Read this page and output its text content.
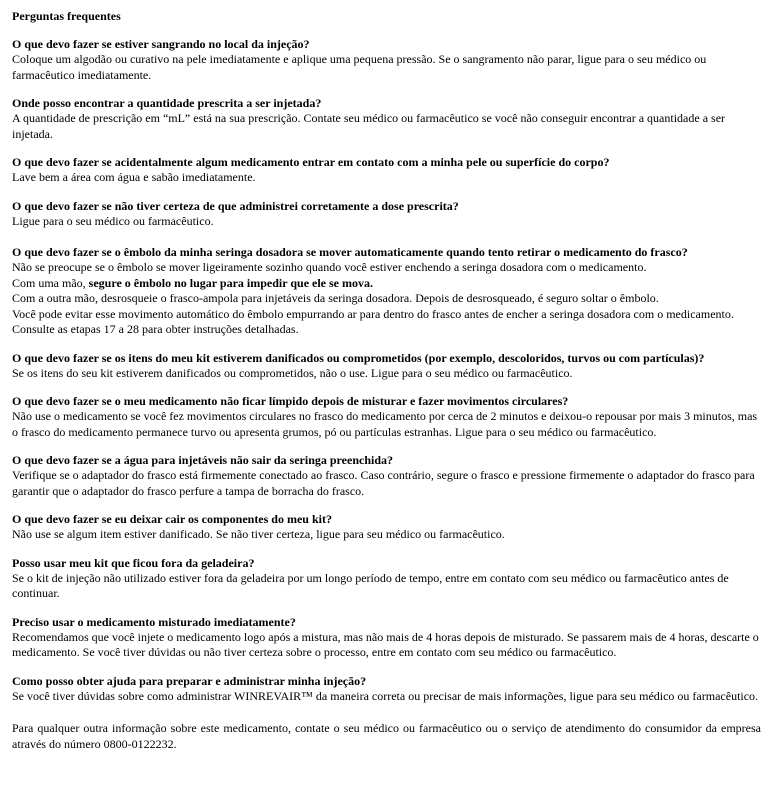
Perguntas frequentes

O que devo fazer se estiver sangrando no local da injeção?

Coloque um algodão ou curativo na pele imediatamente e aplique uma pequena pressão. Se o sangramento não parar, ligue para o seu médico ou farmacêutico imediatamente.

Onde posso encontrar a quantidade prescrita a ser injetada?

A quantidade de prescrição em “mL” está na sua prescrição. Contate seu médico ou farmacêutico se você não conseguir encontrar a quantidade a ser injetada.

O que devo fazer se acidentalmente algum medicamento entrar em contato com a minha pele ou superfície do corpo?

Lave bem a área com água e sabão imediatamente.

O que devo fazer se não tiver certeza de que administrei corretamente a dose prescrita?

Ligue para o seu médico ou farmacêutico.

O que devo fazer se o êmbolo da minha seringa dosadora se mover automaticamente quando tento retirar o medicamento do frasco?

Não se preocupe se o êmbolo se mover ligeiramente sozinho quando você estiver enchendo a seringa dosadora com o medicamento.

Com uma mão, segure o êmbolo no lugar para impedir que ele se mova.

Com a outra mão, desrosqueie o frasco-ampola para injetáveis da seringa dosadora. Depois de desrosqueado, é seguro soltar o êmbolo.

Você pode evitar esse movimento automático do êmbolo empurrando ar para dentro do frasco antes de encher a seringa dosadora com o medicamento. Consulte as etapas 17 a 28 para obter instruções detalhadas.

O que devo fazer se os itens do meu kit estiverem danificados ou comprometidos (por exemplo, descoloridos, turvos ou com partículas)?

Se os itens do seu kit estiverem danificados ou comprometidos, não o use. Ligue para o seu médico ou farmacêutico.

O que devo fazer se o meu medicamento não ficar límpido depois de misturar e fazer movimentos circulares?

Não use o medicamento se você fez movimentos circulares no frasco do medicamento por cerca de 2 minutos e deixou-o repousar por mais 3 minutos, mas o frasco do medicamento permanece turvo ou apresenta grumos, pó ou partículas estranhas. Ligue para o seu médico ou farmacêutico.

O que devo fazer se a água para injetáveis não sair da seringa preenchida?

Verifique se o adaptador do frasco está firmemente conectado ao frasco. Caso contrário, segure o frasco e pressione firmemente o adaptador do frasco para garantir que o adaptador do frasco perfure a tampa de borracha do frasco.

O que devo fazer se eu deixar cair os componentes do meu kit?

Não use se algum item estiver danificado. Se não tiver certeza, ligue para seu médico ou farmacêutico.

Posso usar meu kit que ficou fora da geladeira?

Se o kit de injeção não utilizado estiver fora da geladeira por um longo período de tempo, entre em contato com seu médico ou farmacêutico antes de continuar.

Preciso usar o medicamento misturado imediatamente?

Recomendamos que você injete o medicamento logo após a mistura, mas não mais de 4 horas depois de misturado. Se passarem mais de 4 horas, descarte o medicamento. Se você tiver dúvidas ou não tiver certeza sobre o processo, entre em contato com seu médico ou farmacêutico.

Como posso obter ajuda para preparar e administrar minha injeção?

Se você tiver dúvidas sobre como administrar WINREVAIR™ da maneira correta ou precisar de mais informações, ligue para seu médico ou farmacêutico.

Para qualquer outra informação sobre este medicamento, contate o seu médico ou farmacêutico ou o serviço de atendimento do consumidor da empresa através do número 0800-0122232.
